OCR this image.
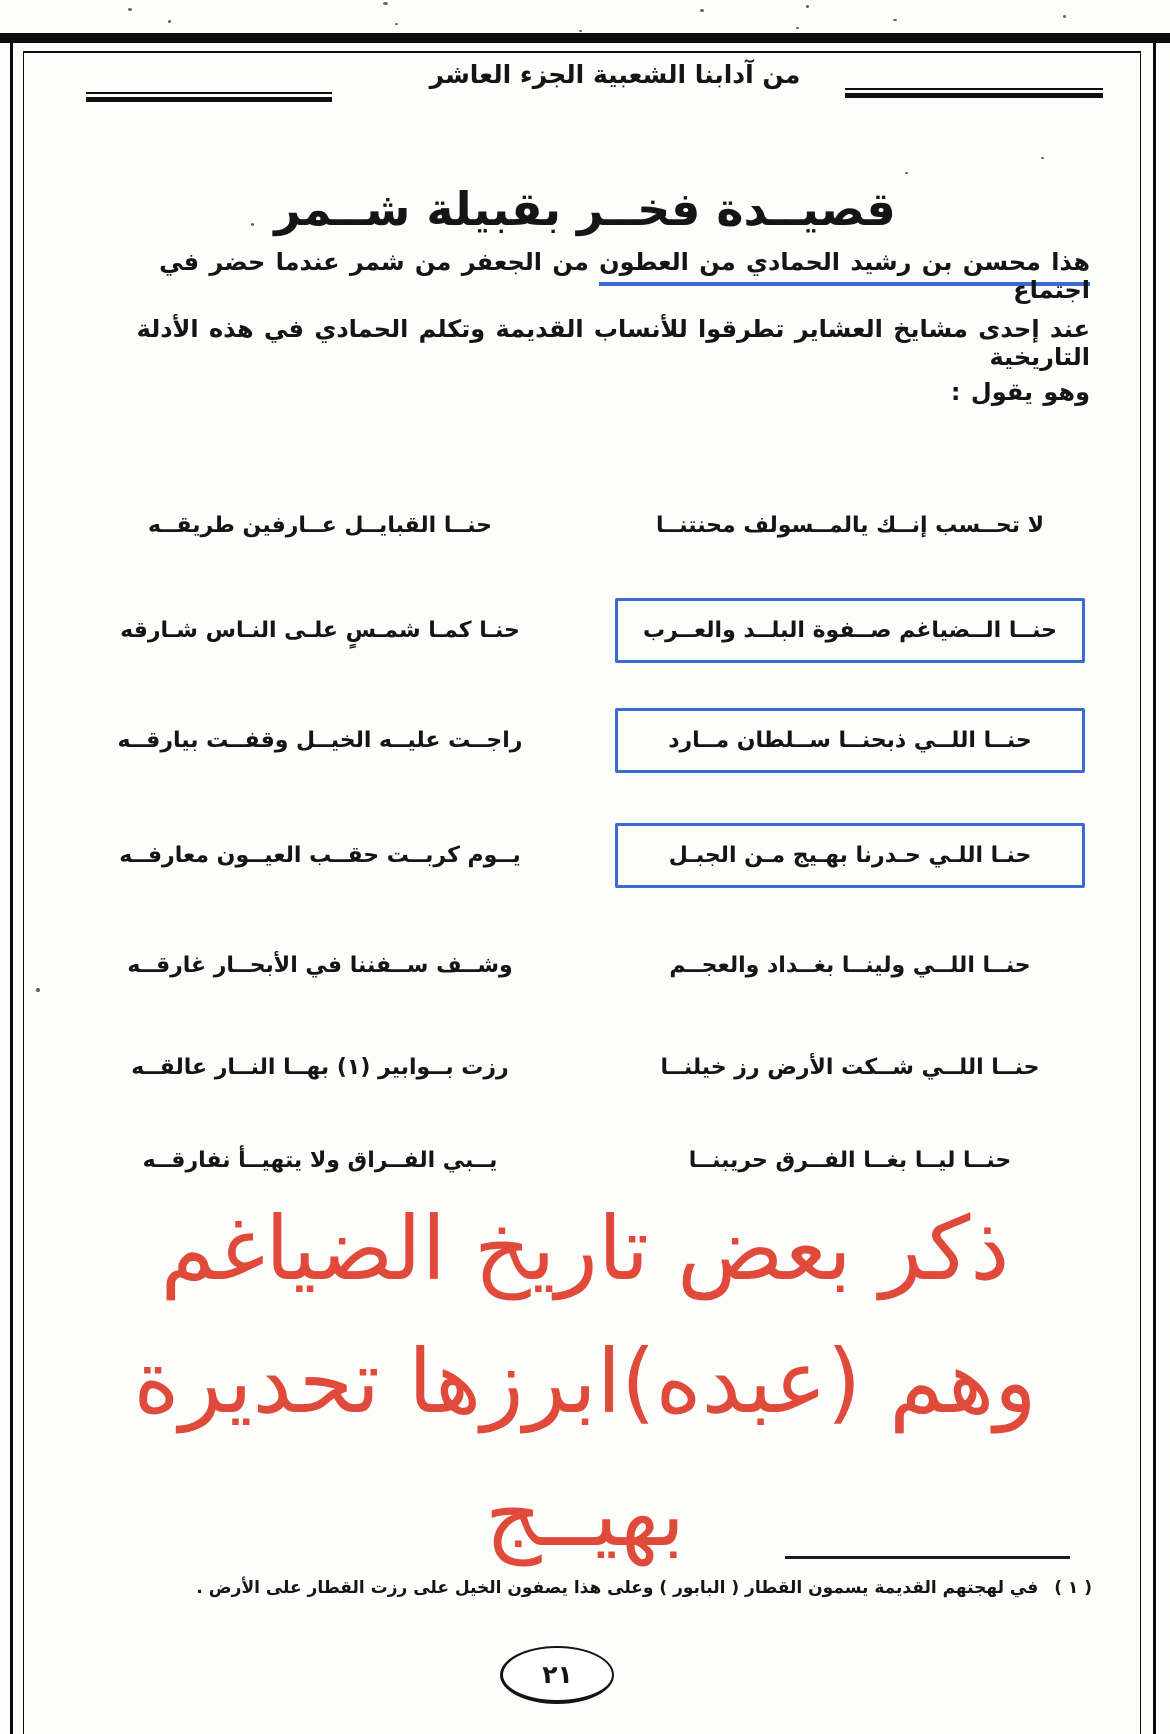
من آدابنا الشعبية الجزء العاشر
قصيــدة فخــر بقبيلة شــمر
هذا محسن بن رشيد الحمادي من العطون من الجعفر من شمر عندما حضر في اجتماع
عند إحدى مشايخ العشاير تطرقوا للأنساب القديمة وتكلم الحمادي في هذه الأدلة التاريخية
وهو يقول :
لا تحــسب إنــك يالمــسولف محنتنــا
حنــا القبايــل عــارفين طريقــه
حنــا الــضياغم صــفوة البلــد والعــرب
حنـا كمـا شمـسٍ علـى النـاس شـارقه
حنــا اللــي ذبحنــا ســلطان مــارد
راجــت عليــه الخيــل وقفــت بيارقــه
حنـا اللـي حـدرنا بهـيج مـن الجبـل
يــوم كربــت حقــب العيــون معارفــه
حنــا اللــي ولينــا بغــداد والعجــم
وشــف ســفننا في الأبحــار غارقــه
حنــا اللــي شــكت الأرض رز خيلنــا
رزت بــوابير (١) بهــا النــار عالقــه
حنــا ليــا بغــا الفــرق حريبنــا
يــبي الفــراق ولا يتهيــأ نفارقــه
ذكر بعض تاريخ الضياغم
وهم (عبده)ابرزها تحديرة
بهيــج
( ١ )في لهجتهم القديمة يسمون القطار ( البابور ) وعلى هذا يصفون الخيل على رزت القطار على الأرض .
٢١
